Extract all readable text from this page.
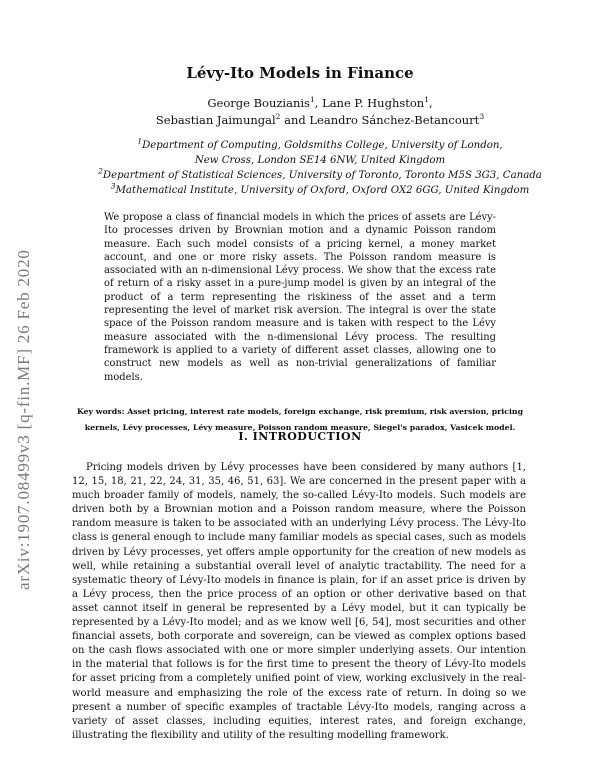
arXiv:1907.08499v3 [q-fin.MF] 26 Feb 2020
Lévy-Ito Models in Finance
George Bouzianis$^1$, Lane P. Hughston$^1$,
Sebastian Jaimungal$^2$ and Leandro Sánchez-Betancourt$^3$
$^1$Department of Computing, Goldsmiths College, University of London,
New Cross, London SE14 6NW, United Kingdom
$^2$Department of Statistical Sciences, University of Toronto, Toronto M5S 3G3, Canada
$^3$Mathematical Institute, University of Oxford, Oxford OX2 6GG, United Kingdom

We propose a class of financial models in which the prices of assets are Lévy-Ito processes driven by Brownian motion and a dynamic Poisson random measure. Each such model consists of a pricing kernel, a money market account, and one or more risky assets. The Poisson random measure is associated with an n-dimensional Lévy process. We show that the excess rate of return of a risky asset in a pure-jump model is given by an integral of the product of a term representing the riskiness of the asset and a term representing the level of market risk aversion. The integral is over the state space of the Poisson random measure and is taken with respect to the Lévy measure associated with the n-dimensional Lévy process. The resulting framework is applied to a variety of different asset classes, allowing one to construct new models as well as non-trivial generalizations of familiar models.

Key words: Asset pricing, interest rate models, foreign exchange, risk premium, risk aversion, pricing kernels, Lévy processes, Lévy measure, Poisson random measure, Siegel's paradox, Vasicek model.

I. INTRODUCTION

Pricing models driven by Lévy processes have been considered by many authors [1, 12, 15, 18, 21, 22, 24, 31, 35, 46, 51, 63]. We are concerned in the present paper with a much broader family of models, namely, the so-called Lévy-Ito models. Such models are driven both by a Brownian motion and a Poisson random measure, where the Poisson random measure is taken to be associated with an underlying Lévy process. The Lévy-Ito class is general enough to include many familiar models as special cases, such as models driven by Lévy processes, yet offers ample opportunity for the creation of new models as well, while retaining a substantial overall level of analytic tractability. The need for a systematic theory of Lévy-Ito models in finance is plain, for if an asset price is driven by a Lévy process, then the price process of an option or other derivative based on that asset cannot itself in general be represented by a Lévy model, but it can typically be represented by a Lévy-Ito model; and as we know well [6, 54], most securities and other financial assets, both corporate and sovereign, can be viewed as complex options based on the cash flows associated with one or more simpler underlying assets. Our intention in the material that follows is for the first time to present the theory of Lévy-Ito models for asset pricing from a completely unified point of view, working exclusively in the real-world measure and emphasizing the role of the excess rate of return. In doing so we present a number of specific examples of tractable Lévy-Ito models, ranging across a variety of asset classes, including equities, interest rates, and foreign exchange, illustrating the flexibility and utility of the resulting modelling framework.
